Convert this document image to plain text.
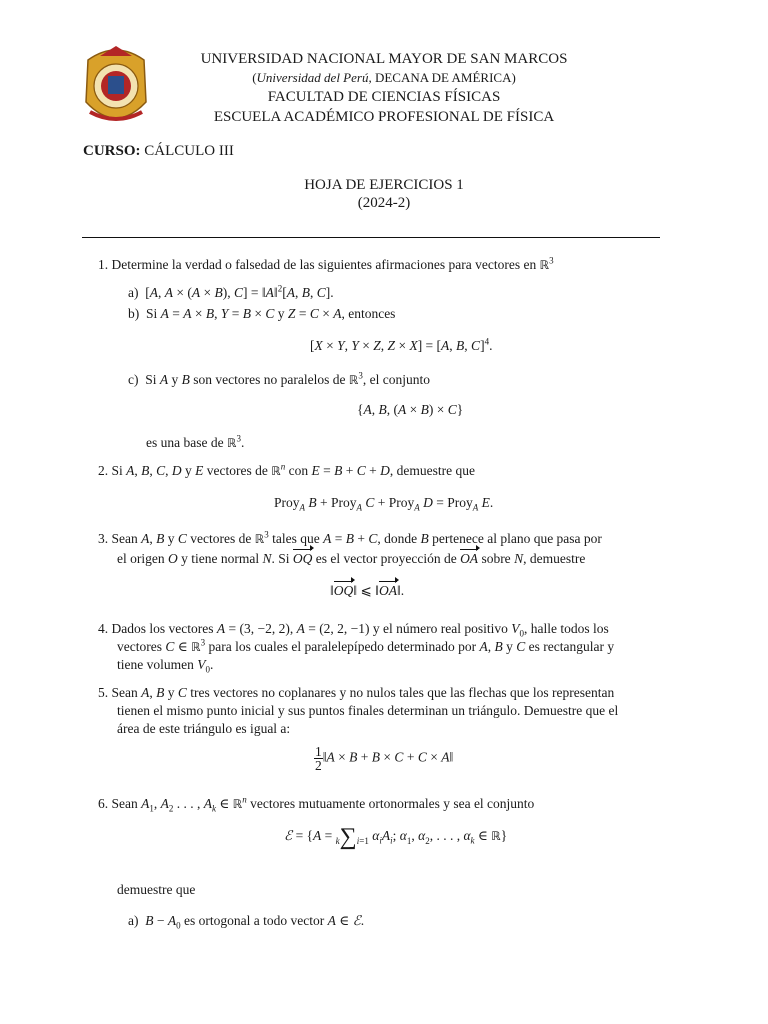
UNIVERSIDAD NACIONAL MAYOR DE SAN MARCOS
(Universidad del Perú, DECANA DE AMÉRICA)
FACULTAD DE CIENCIAS FÍSICAS
ESCUELA ACADÉMICO PROFESIONAL DE FÍSICA
CURSO: CÁLCULO III
HOJA DE EJERCICIOS 1
(2024-2)
1. Determine la verdad o falsedad de las siguientes afirmaciones para vectores en ℝ$^3$
a)  [A, A × (A × B), C] = ‖A‖$^2$[A, B, C].
b)  Si A = A × B, Y = B × C y Z = C × A, entonces
[X × Y, Y × Z, Z × X] = [A, B, C]$^4$.
c)  Si A y B son vectores no paralelos de ℝ$^3$, el conjunto
{A, B, (A × B) × C}
es una base de ℝ$^3$.
2. Si A, B, C, D y E vectores de ℝ$^n$ con E = B + C + D, demuestre que
Proy$_A$ B + Proy$_A$ C + Proy$_A$ D = Proy$_A$ E.
3. Sean A, B y C vectores de ℝ$^3$ tales que A = B + C, donde B pertenece al plano que pasa por
el origen O y tiene normal N. Si OQ es el vector proyección de OA sobre N, demuestre
‖OQ‖ ⩽ ‖OA‖.
4. Dados los vectores A = (3, −2, 2), A = (2, 2, −1) y el número real positivo $V_0$, halle todos los
vectores C ∈ ℝ$^3$ para los cuales el paralelepípedo determinado por A, B y C es rectangular y
tiene volumen $V_0$.
5. Sean A, B y C tres vectores no coplanares y no nulos tales que las flechas que los representan
tienen el mismo punto inicial y sus puntos finales determinan un triángulo. Demuestre que el
área de este triángulo es igual a:
$\frac{1}{2}$ ‖A × B + B × C + C × A‖
6. Sean $A_1$, $A_2$ . . . , $A_k$ ∈ ℝ$^n$ vectores mutuamente ortonormales y sea el conjunto
ℰ = {A = k∑i=1 $\alpha_iA_i$; $\alpha_1$, $\alpha_2$, . . . , $\alpha_k$ ∈ ℝ}
demuestre que
a)  $B - A_0$ es ortogonal a todo vector A ∈ ℰ.
